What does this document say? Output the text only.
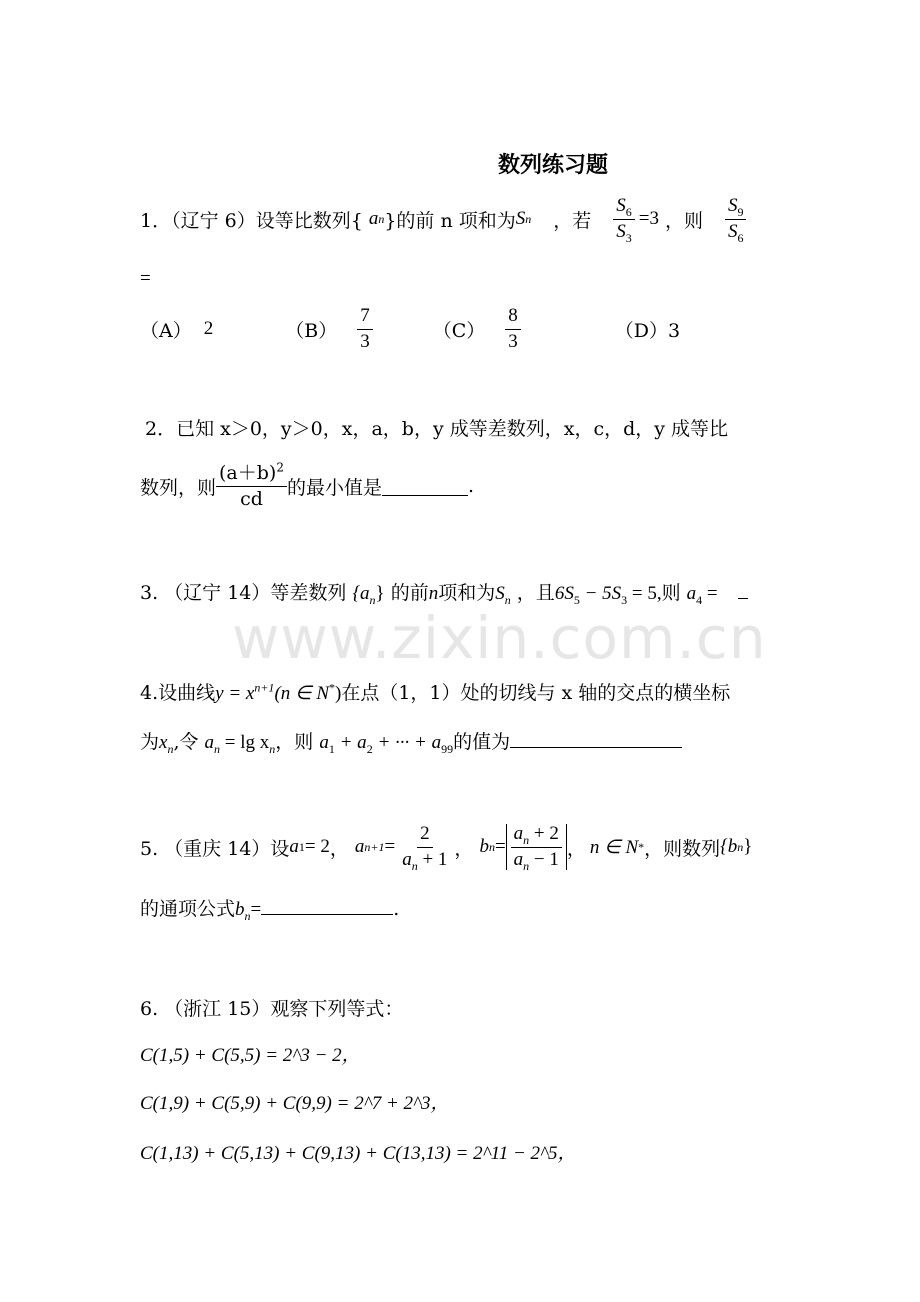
www.zixin.com.cn
数列练习题
1．（辽宁 6）设等比数列{ a n }的前 n 项和为 S n ，若 $\frac{S_6}{S_3} =3$ ，则 $\frac{S_9}{S_6}$
=
（A） 2	$(B) \frac{7}{3}$	$(C) \frac{8}{3}$	（D）3
2．已知 x＞0，y＞0，x，a，b，y 成等差数列，x，c，d，y 成等比
数列，则 $\frac{(a+b)^2}{cd}$ 的最小值是	.
3. （辽宁 14）等差数列 $\{a_n\}$ 的前n项和为$S_n$ ，且$6S_5 - 5S_3 = 5$,则 $a_4$ =
4.设曲线$y = x^{n+1}(n$ ∈ N*)在点（1，1）处的切线与 x 轴的交点的横坐标
为$x_n$,令 $a_n = \lg x_n$，则 $a_1 + a_2$ + ··· + $a_{99}$的值为
5. （重庆 14）设 a 1 = 2 ， a $n+1 = \frac{2}{a_n + 1}$ ， b $n = \frac{a_n + 2}{a_n - 1}$ ， n ∈ N * ，则数列 {b n }
的通项公式$b_n=$	.
6. （浙江 15）观察下列等式：
C(1,5) + C(5,5) = 2^3 − 2，
C(1,9) + C(5,9) + C(9,9) = 2^7 + 2^3，
C(1,13) + C(5,13) + C(9,13) + C(13,13) = 2^11 − 2^5，
